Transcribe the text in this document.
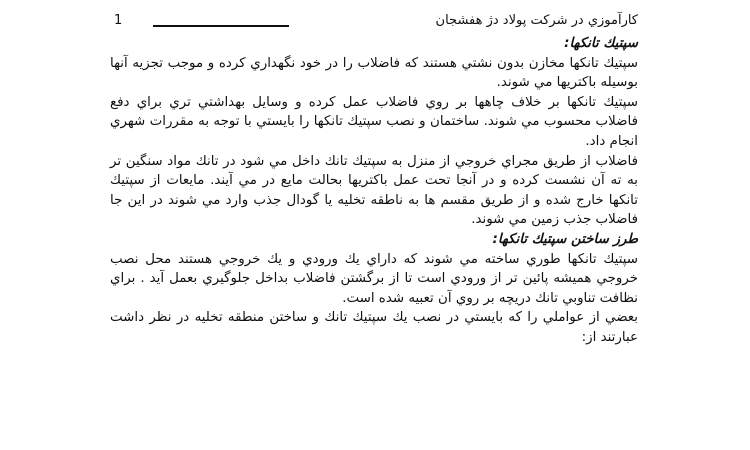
1	کارآموزي در شرکت پولاد دژ هفشجان
سپتيك تانكها:

سپتيك تانكها مخازن بدون نشتي هستند كه فاضلاب را در خود نگهداري كرده و موجب تجزيه آنها بوسيله باكتريها مي شوند.

سپتيك تانكها بر خلاف چاهها بر روي فاضلاب عمل كرده و وسايل بهداشتي تري براي دفع فاضلاب محسوب مي شوند. ساختمان و نصب سپتيك تانكها را بايستي با توجه به مقررات شهري انجام داد.

فاضلاب از طريق مجراي خروجي از منزل به سپتيك تانك داخل مي شود در تانك مواد سنگين تر به ته آن نشست كرده و در آنجا تحت عمل باكتريها بحالت مايع در مي آيند. مايعات از سپتيك تانكها خارج شده و از طريق مقسم ها به ناطقه تخليه يا گودال جذب وارد مي شوند در اين جا فاضلاب جذب زمين مي شوند.

طرز ساختن سپتيك تانكها:

سپتيك تانكها طوري ساخته مي شوند كه داراي يك ورودي و يك خروجي هستند محل نصب خروجي هميشه پائين تر از ورودي است تا از برگشتن فاضلاب بداخل جلوگيري بعمل آيد . براي نظافت تناوبي تانك دريچه بر روي آن تعبيه شده است.

بعضي از عواملي را كه بايستي در نصب يك سپتيك تانك و ساختن منطقه تخليه در نظر داشت عبارتند از:
